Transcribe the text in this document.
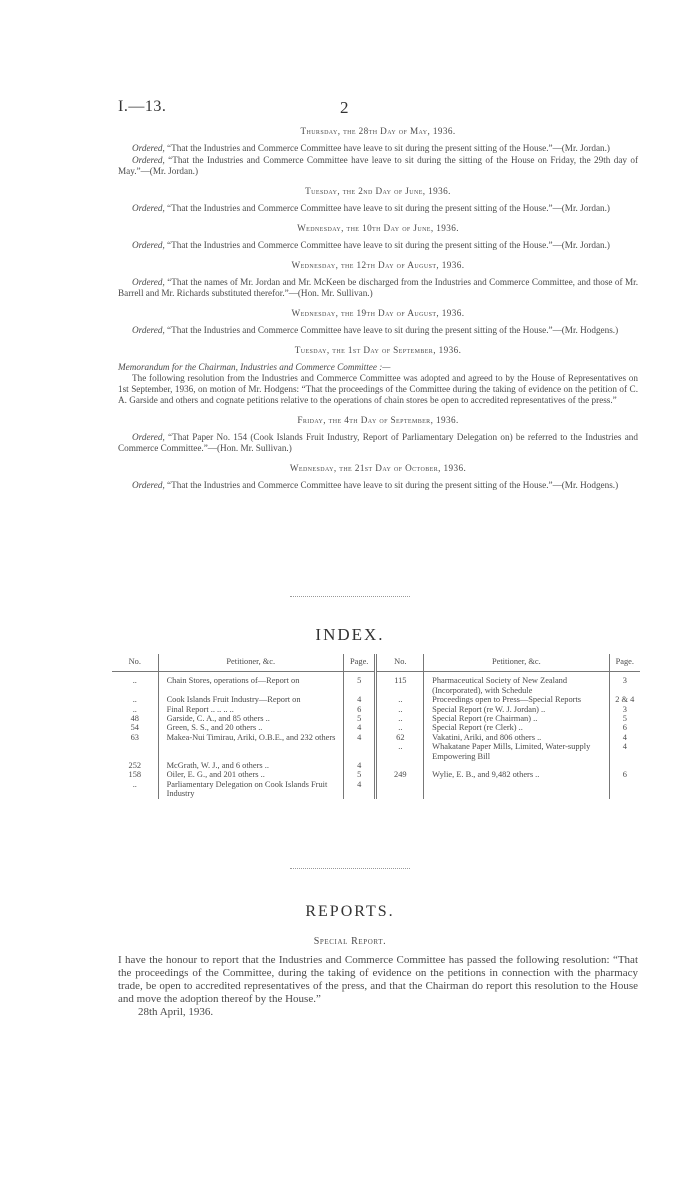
I.—13.	2

Thursday, the 28th Day of May, 1936.

Ordered, “That the Industries and Commerce Committee have leave to sit during the present sitting of the House.”—(Mr. Jordan.)

Ordered, “That the Industries and Commerce Committee have leave to sit during the sitting of the House on Friday, the 29th day of May.”—(Mr. Jordan.)

Tuesday, the 2nd Day of June, 1936.

Ordered, “That the Industries and Commerce Committee have leave to sit during the present sitting of the House.”—(Mr. Jordan.)

Wednesday, the 10th Day of June, 1936.

Ordered, “That the Industries and Commerce Committee have leave to sit during the present sitting of the House.”—(Mr. Jordan.)

Wednesday, the 12th Day of August, 1936.

Ordered, “That the names of Mr. Jordan and Mr. McKeen be discharged from the Industries and Commerce Committee, and those of Mr. Barrell and Mr. Richards substituted therefor.”—(Hon. Mr. Sullivan.)

Wednesday, the 19th Day of August, 1936.

Ordered, “That the Industries and Commerce Committee have leave to sit during the present sitting of the House.”—(Mr. Hodgens.)

Tuesday, the 1st Day of September, 1936.

Memorandum for the Chairman, Industries and Commerce Committee :—

The following resolution from the Industries and Commerce Committee was adopted and agreed to by the House of Representatives on 1st September, 1936, on motion of Mr. Hodgens: “That the proceedings of the Committee during the taking of evidence on the petition of C. A. Garside and others and cognate petitions relative to the operations of chain stores be open to accredited representatives of the press.”

Friday, the 4th Day of September, 1936.

Ordered, “That Paper No. 154 (Cook Islands Fruit Industry, Report of Parliamentary Delegation on) be referred to the Industries and Commerce Committee.”—(Hon. Mr. Sullivan.)

Wednesday, the 21st Day of October, 1936.

Ordered, “That the Industries and Commerce Committee have leave to sit during the present sitting of the House.”—(Mr. Hodgens.)

INDEX.
No.	Petitioner, &c.	Page.	No.	Petitioner, &c.	Page.
..	Chain Stores, operations of—Report on	5	115	Pharmaceutical Society of New Zealand (Incorporated), with Schedule	3
..	Cook Islands Fruit Industry—Report on	4	..	Proceedings open to Press—Special Reports	2 & 4
..	Final Report .. .. .. ..	6	..	Special Report (re W. J. Jordan) ..	3
48	Garside, C. A., and 85 others ..	5	..	Special Report (re Chairman) ..	5
54	Green, S. S., and 20 others ..	4	..	Special Report (re Clerk) ..	6
63	Makea-Nui Timirau, Ariki, O.B.E., and 232 others	4	62	Vakatini, Ariki, and 806 others ..	4
			..	Whakatane Paper Mills, Limited, Water-supply Empowering Bill	4
252	McGrath, W. J., and 6 others ..	4			
158	Oiler, E. G., and 201 others ..	5	249	Wylie, E. B., and 9,482 others ..	6
..	Parliamentary Delegation on Cook Islands Fruit Industry	4			
REPORTS.
Special Report.

I have the honour to report that the Industries and Commerce Committee has passed the following resolution: “That the proceedings of the Committee, during the taking of evidence on the petitions in connection with the pharmacy trade, be open to accredited representatives of the press, and that the Chairman do report this resolution to the House and move the adoption thereof by the House.”

28th April, 1936.
